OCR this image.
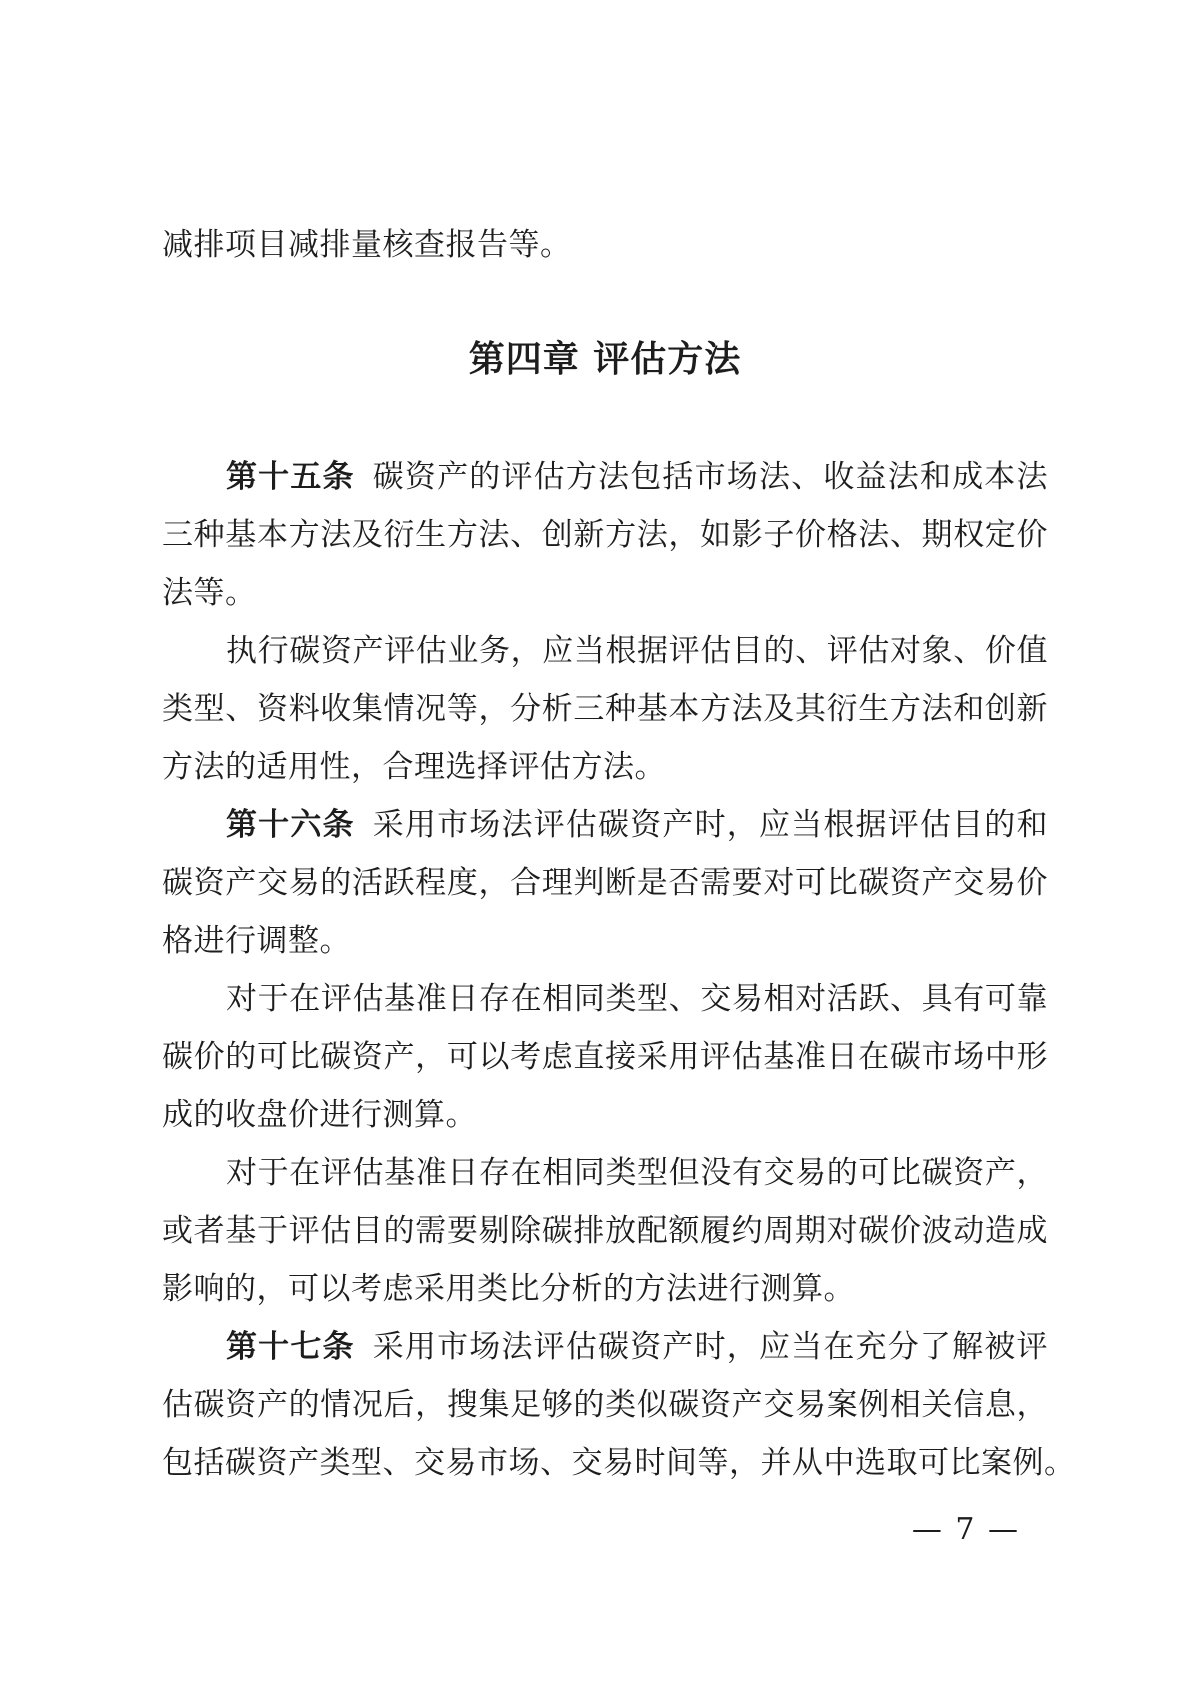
减排项目减排量核查报告等。
第四章 评估方法
第十五条 碳资产的评估方法包括市场法、收益法和成本法
三种基本方法及衍生方法、创新方法，如影子价格法、期权定价
法等。
执行碳资产评估业务，应当根据评估目的、评估对象、价值
类型、资料收集情况等，分析三种基本方法及其衍生方法和创新
方法的适用性，合理选择评估方法。
第十六条 采用市场法评估碳资产时，应当根据评估目的和
碳资产交易的活跃程度，合理判断是否需要对可比碳资产交易价
格进行调整。
对于在评估基准日存在相同类型、交易相对活跃、具有可靠
碳价的可比碳资产，可以考虑直接采用评估基准日在碳市场中形
成的收盘价进行测算。
对于在评估基准日存在相同类型但没有交易的可比碳资产，
或者基于评估目的需要剔除碳排放配额履约周期对碳价波动造成
影响的，可以考虑采用类比分析的方法进行测算。
第十七条 采用市场法评估碳资产时，应当在充分了解被评
估碳资产的情况后，搜集足够的类似碳资产交易案例相关信息，
包括碳资产类型、交易市场、交易时间等，并从中选取可比案例。
— 7 —
